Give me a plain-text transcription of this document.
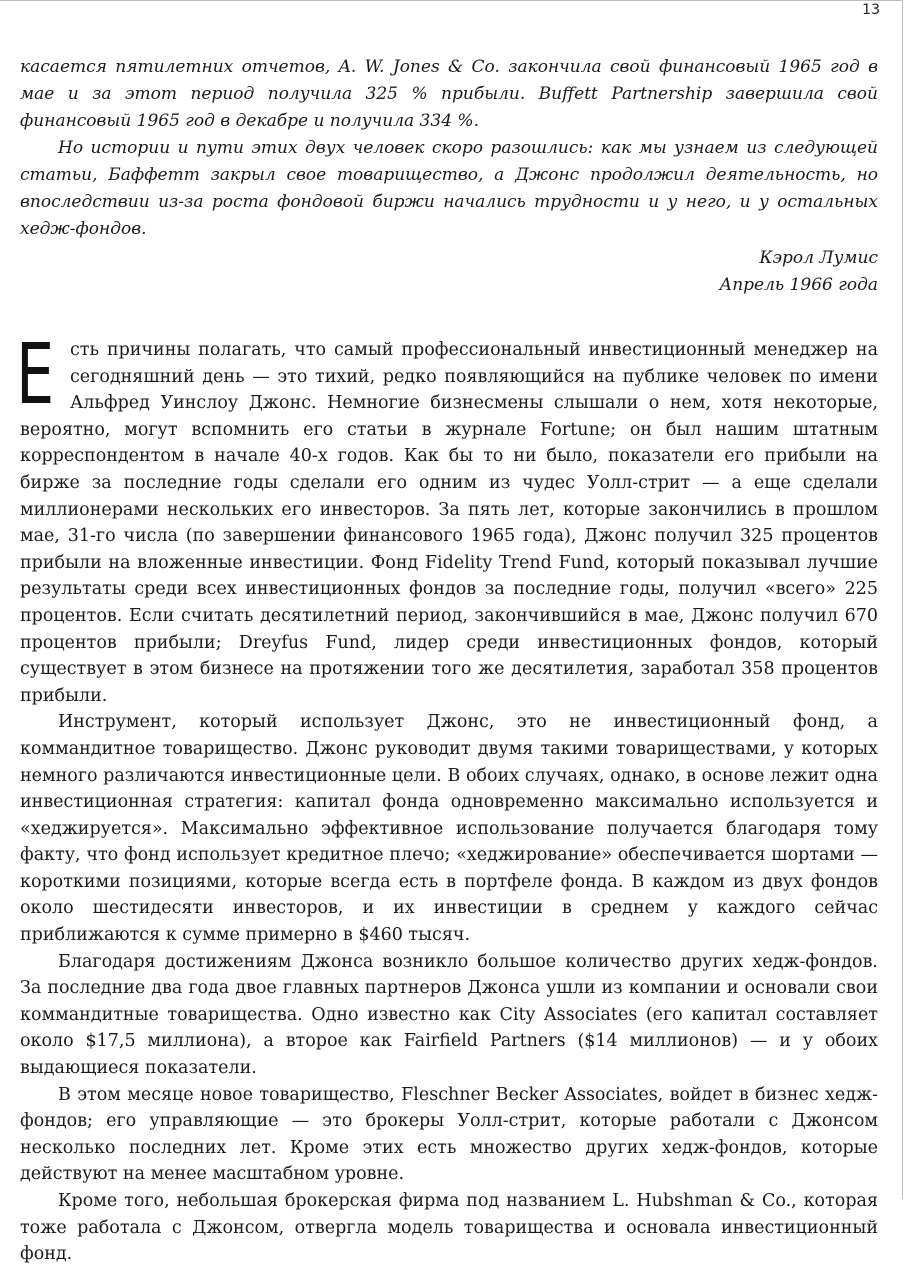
13

касается пятилетних отчетов, A. W. Jones & Co. закончила свой финансовый 1965 год в мае и за этот период получила 325 % прибыли. Buffett Partnership завершила свой финансовый 1965 год в декабре и получила 334 %.

Но истории и пути этих двух человек скоро разошлись: как мы узнаем из следующей статьи, Баффетт закрыл свое товарищество, а Джонс продолжил деятельность, но впоследствии из-за роста фондовой биржи начались трудности и у него, и у остальных хедж-фондов.

Кэрол Лумис
Апрель 1966 года

Есть причины полагать, что самый профессиональный инвестиционный менеджер на сегодняшний день — это тихий, редко появляющийся на публике человек по имени Альфред Уинслоу Джонс. Немногие бизнесмены слышали о нем, хотя некоторые, вероятно, могут вспомнить его статьи в журнале Fortune; он был нашим штатным корреспондентом в начале 40-х годов. Как бы то ни было, показатели его прибыли на бирже за последние годы сделали его одним из чудес Уолл-стрит — а еще сделали миллионерами нескольких его инвесторов. За пять лет, которые закончились в прошлом мае, 31-го числа (по завершении финансового 1965 года), Джонс получил 325 процентов прибыли на вложенные инвестиции. Фонд Fidelity Trend Fund, который показывал лучшие результаты среди всех инвестиционных фондов за последние годы, получил «всего» 225 процентов. Если считать десятилетний период, закончившийся в мае, Джонс получил 670 процентов прибыли; Dreyfus Fund, лидер среди инвестиционных фондов, который существует в этом бизнесе на протяжении того же десятилетия, заработал 358 процентов прибыли.

Инструмент, который использует Джонс, это не инвестиционный фонд, а коммандитное товарищество. Джонс руководит двумя такими товариществами, у которых немного различаются инвестиционные цели. В обоих случаях, однако, в основе лежит одна инвестиционная стратегия: капитал фонда одновременно максимально используется и «хеджируется». Максимально эффективное использование получается благодаря тому факту, что фонд использует кредитное плечо; «хеджирование» обеспечивается шортами — короткими позициями, которые всегда есть в портфеле фонда. В каждом из двух фондов около шестидесяти инвесторов, и их инвестиции в среднем у каждого сейчас приближаются к сумме примерно в $460 тысяч.

Благодаря достижениям Джонса возникло большое количество других хедж-фондов. За последние два года двое главных партнеров Джонса ушли из компании и основали свои коммандитные товарищества. Одно известно как City Associates (его капитал составляет около $17,5 миллиона), а второе как Fairfield Partners ($14 миллионов) — и у обоих выдающиеся показатели.

В этом месяце новое товарищество, Fleschner Becker Associates, войдет в бизнес хедж-фондов; его управляющие — это брокеры Уолл-стрит, которые работали с Джонсом несколько последних лет. Кроме этих есть множество других хедж-фондов, которые действуют на менее масштабном уровне.

Кроме того, небольшая брокерская фирма под названием L. Hubshman & Co., которая тоже работала с Джонсом, отвергла модель товарищества и основала инвестиционный фонд.
